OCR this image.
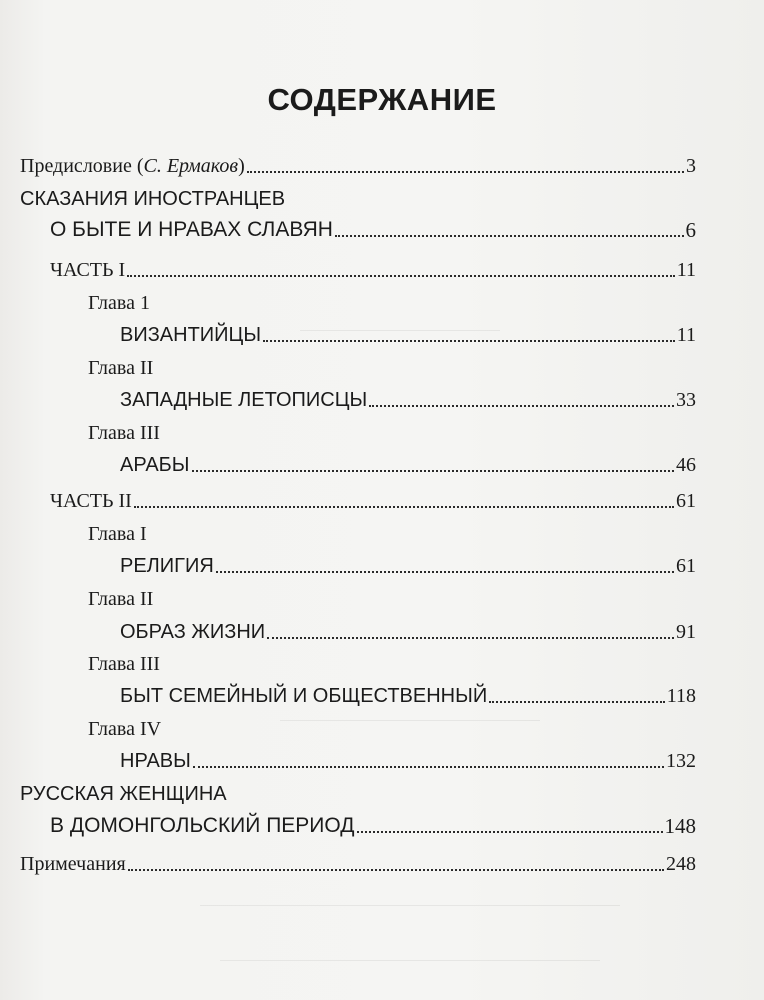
СОДЕРЖАНИЕ
Предисловие (С. Ермаков)	3
СКАЗАНИЯ ИНОСТРАНЦЕВ
О БЫТЕ И НРАВАХ СЛАВЯН	6
ЧАСТЬ I	11
Глава 1
ВИЗАНТИЙЦЫ	11
Глава II
ЗАПАДНЫЕ ЛЕТОПИСЦЫ	33
Глава III
АРАБЫ	46
ЧАСТЬ II	61
Глава I
РЕЛИГИЯ	61
Глава II
ОБРАЗ ЖИЗНИ	91
Глава III
БЫТ СЕМЕЙНЫЙ И ОБЩЕСТВЕННЫЙ	118
Глава IV
НРАВЫ	132
РУССКАЯ ЖЕНЩИНА
В ДОМОНГОЛЬСКИЙ ПЕРИОД	148
Примечания	248
